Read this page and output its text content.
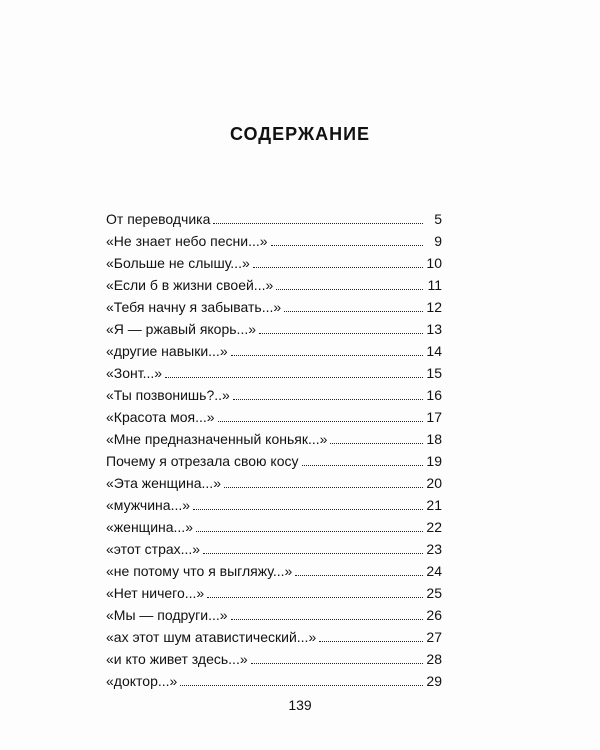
СОДЕРЖАНИЕ
От переводчика	5
«Не знает небо песни...»	9
«Больше не слышу...»	10
«Если б в жизни своей...»	11
«Тебя начну я забывать...»	12
«Я — ржавый якорь...»	13
«другие навыки...»	14
«Зонт...»	15
«Ты позвонишь?..»	16
«Красота моя...»	17
«Мне предназначенный коньяк...»	18
Почему я отрезала свою косу	19
«Эта женщина...»	20
«мужчина...»	21
«женщина...»	22
«этот страх...»	23
«не потому что я выгляжу...»	24
«Нет ничего...»	25
«Мы — подруги...»	26
«ах этот шум атавистический...»	27
«и кто живет здесь...»	28
«доктор...»	29
139
